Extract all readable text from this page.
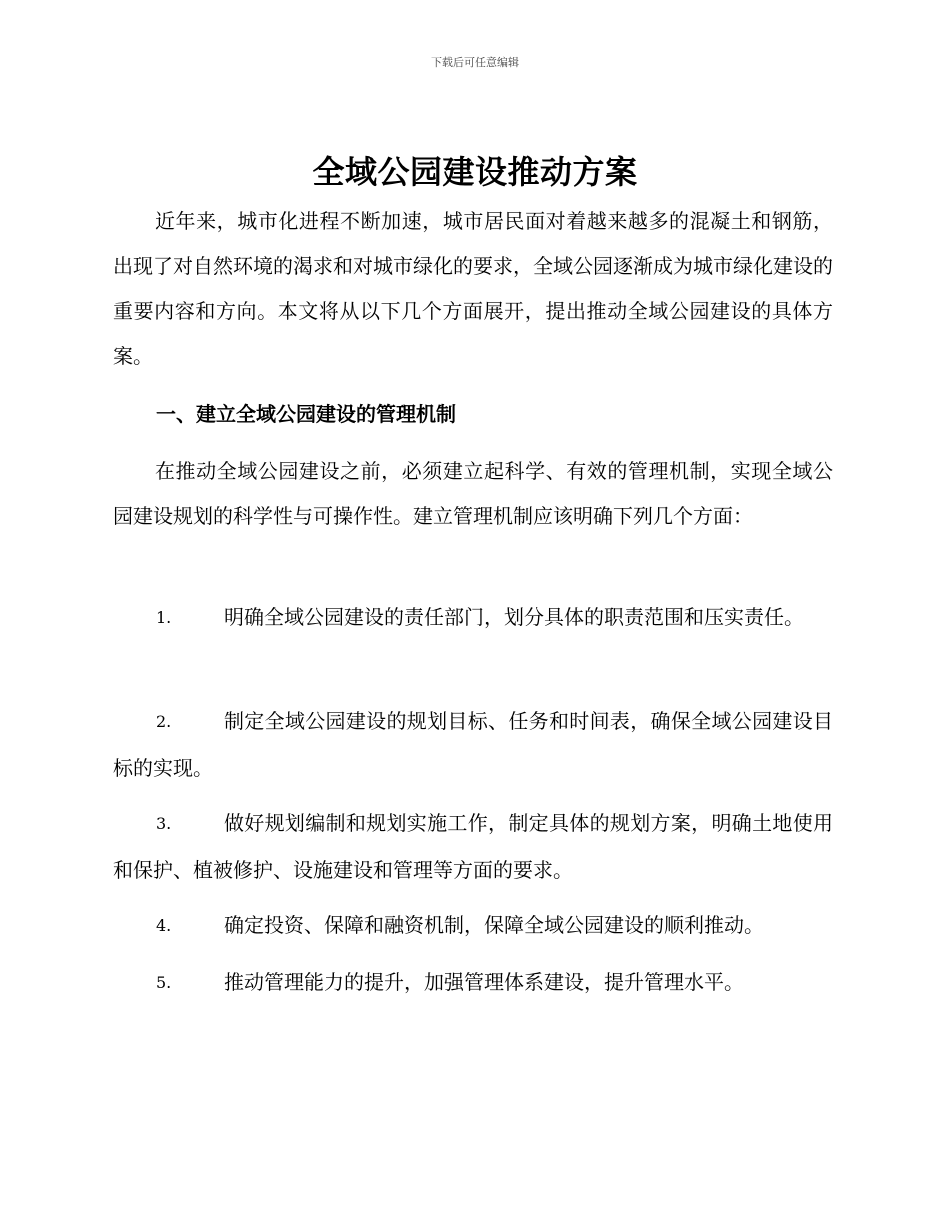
下载后可任意编辑
全域公园建设推动方案
近年来，城市化进程不断加速，城市居民面对着越来越多的混凝土和钢筋，出现了对自然环境的渴求和对城市绿化的要求，全域公园逐渐成为城市绿化建设的重要内容和方向。本文将从以下几个方面展开，提出推动全域公园建设的具体方案。
一、建立全域公园建设的管理机制
在推动全域公园建设之前，必须建立起科学、有效的管理机制，实现全域公园建设规划的科学性与可操作性。建立管理机制应该明确下列几个方面：
1.	明确全域公园建设的责任部门，划分具体的职责范围和压实责任。
2.	制定全域公园建设的规划目标、任务和时间表，确保全域公园建设目标的实现。
3.	做好规划编制和规划实施工作，制定具体的规划方案，明确土地使用和保护、植被修护、设施建设和管理等方面的要求。
4.	确定投资、保障和融资机制，保障全域公园建设的顺利推动。
5.	推动管理能力的提升，加强管理体系建设，提升管理水平。
